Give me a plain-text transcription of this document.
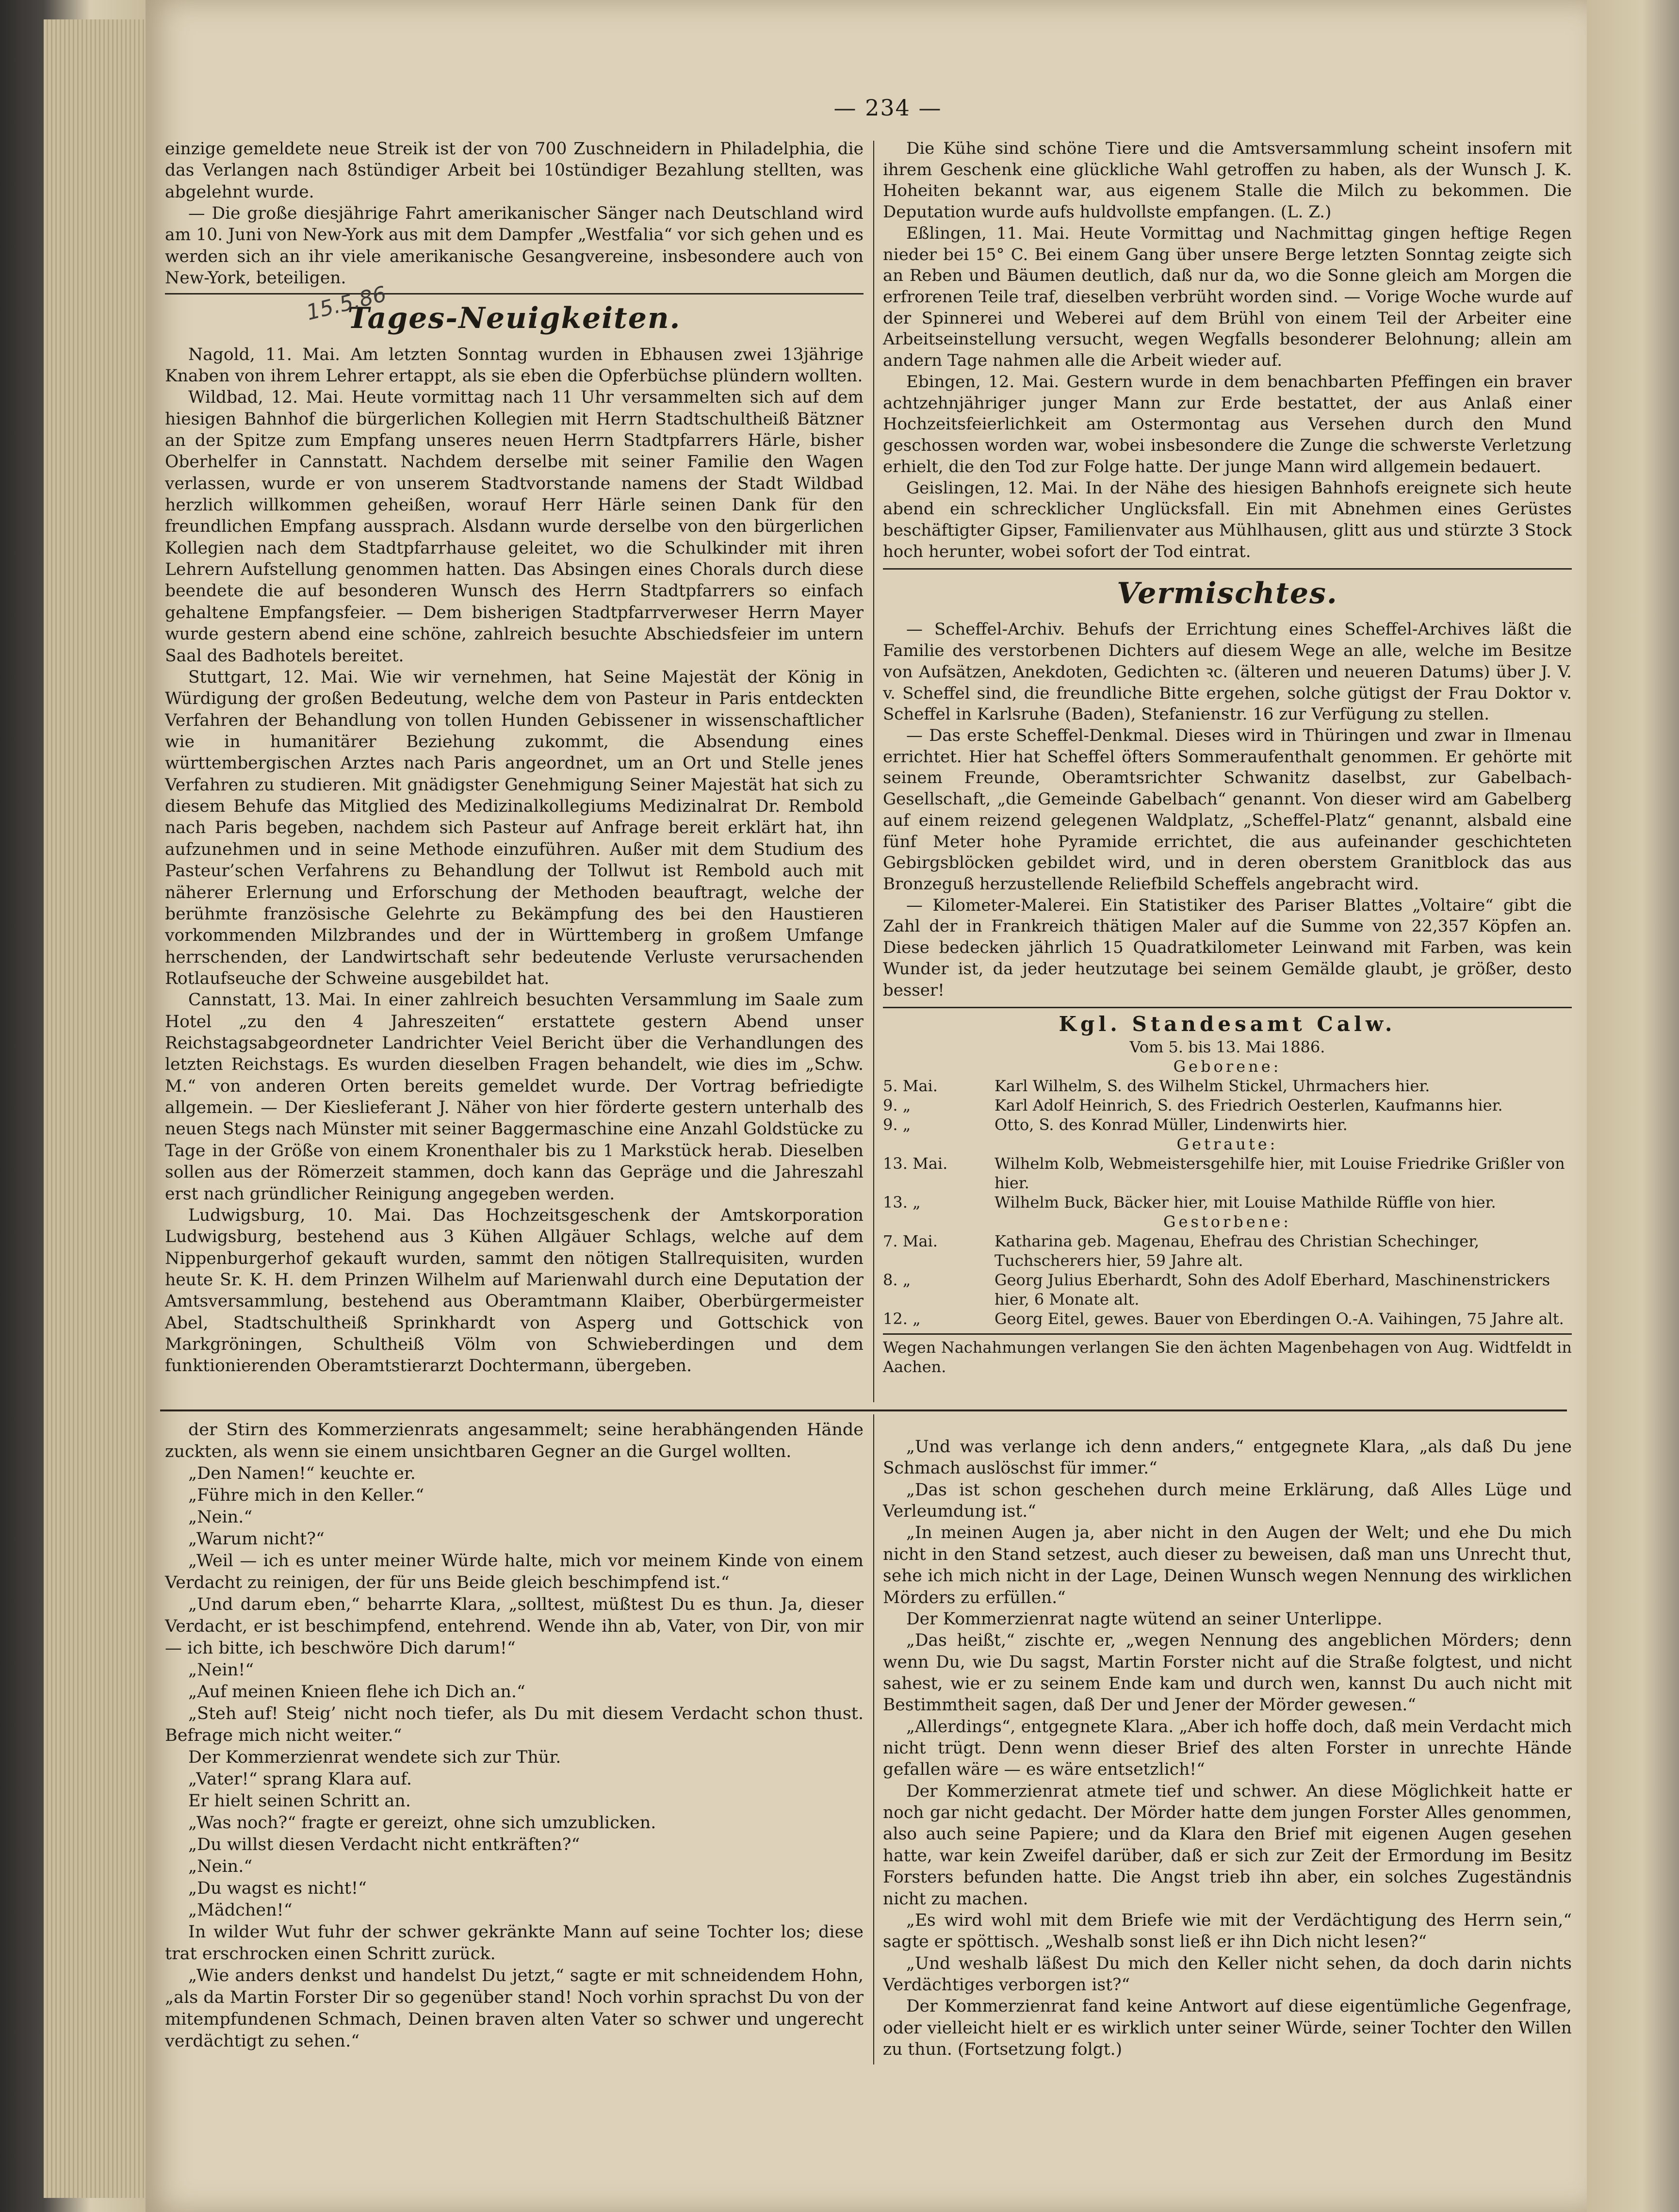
— 234 —

einzige gemeldete neue Streik ist der von 700 Zuschneidern in Philadelphia, die das Verlangen nach 8stündiger Arbeit bei 10stündiger Bezahlung stellten, was abgelehnt wurde.

— Die große diesjährige Fahrt amerikanischer Sänger nach Deutschland wird am 10. Juni von New-York aus mit dem Dampfer „Westfalia“ vor sich gehen und es werden sich an ihr viele amerikanische Gesangvereine, insbesondere auch von New-York, beteiligen.

Tages-Neuigkeiten.

Nagold, 11. Mai. Am letzten Sonntag wurden in Ebhausen zwei 13jährige Knaben von ihrem Lehrer ertappt, als sie eben die Opferbüchse plündern wollten.

Wildbad, 12. Mai. Heute vormittag nach 11 Uhr versammelten sich auf dem hiesigen Bahnhof die bürgerlichen Kollegien mit Herrn Stadtschultheiß Bätzner an der Spitze zum Empfang unseres neuen Herrn Stadtpfarrers Härle, bisher Oberhelfer in Cannstatt. Nachdem derselbe mit seiner Familie den Wagen verlassen, wurde er von unserem Stadtvorstande namens der Stadt Wildbad herzlich willkommen geheißen, worauf Herr Härle seinen Dank für den freundlichen Empfang aussprach. Alsdann wurde derselbe von den bürgerlichen Kollegien nach dem Stadtpfarrhause geleitet, wo die Schulkinder mit ihren Lehrern Aufstellung genommen hatten. Das Absingen eines Chorals durch diese beendete die auf besonderen Wunsch des Herrn Stadtpfarrers so einfach gehaltene Empfangsfeier. — Dem bisherigen Stadtpfarrverweser Herrn Mayer wurde gestern abend eine schöne, zahlreich besuchte Abschiedsfeier im untern Saal des Badhotels bereitet.

Stuttgart, 12. Mai. Wie wir vernehmen, hat Seine Majestät der König in Würdigung der großen Bedeutung, welche dem von Pasteur in Paris entdeckten Verfahren der Behandlung von tollen Hunden Gebissener in wissenschaftlicher wie in humanitärer Beziehung zukommt, die Absendung eines württembergischen Arztes nach Paris angeordnet, um an Ort und Stelle jenes Verfahren zu studieren. Mit gnädigster Genehmigung Seiner Majestät hat sich zu diesem Behufe das Mitglied des Medizinalkollegiums Medizinalrat Dr. Rembold nach Paris begeben, nachdem sich Pasteur auf Anfrage bereit erklärt hat, ihn aufzunehmen und in seine Methode einzuführen. Außer mit dem Studium des Pasteur’schen Verfahrens zu Behandlung der Tollwut ist Rembold auch mit näherer Erlernung und Erforschung der Methoden beauftragt, welche der berühmte französische Gelehrte zu Bekämpfung des bei den Haustieren vorkommenden Milzbrandes und der in Württemberg in großem Umfange herrschenden, der Landwirtschaft sehr bedeutende Verluste verursachenden Rotlaufseuche der Schweine ausgebildet hat.

Cannstatt, 13. Mai. In einer zahlreich besuchten Versammlung im Saale zum Hotel „zu den 4 Jahreszeiten“ erstattete gestern Abend unser Reichstagsabgeordneter Landrichter Veiel Bericht über die Verhandlungen des letzten Reichstags. Es wurden dieselben Fragen behandelt, wie dies im „Schw. M.“ von anderen Orten bereits gemeldet wurde. Der Vortrag befriedigte allgemein. — Der Kieslieferant J. Näher von hier förderte gestern unterhalb des neuen Stegs nach Münster mit seiner Baggermaschine eine Anzahl Goldstücke zu Tage in der Größe von einem Kronenthaler bis zu 1 Markstück herab. Dieselben sollen aus der Römerzeit stammen, doch kann das Gepräge und die Jahreszahl erst nach gründlicher Reinigung angegeben werden.

Ludwigsburg, 10. Mai. Das Hochzeitsgeschenk der Amtskorporation Ludwigsburg, bestehend aus 3 Kühen Allgäuer Schlags, welche auf dem Nippenburgerhof gekauft wurden, sammt den nötigen Stallrequisiten, wurden heute Sr. K. H. dem Prinzen Wilhelm auf Marienwahl durch eine Deputation der Amtsversammlung, bestehend aus Oberamtmann Klaiber, Oberbürgermeister Abel, Stadtschultheiß Sprinkhardt von Asperg und Gottschick von Markgröningen, Schultheiß Völm von Schwieberdingen und dem funktionierenden Oberamtstierarzt Dochtermann, übergeben.

Die Kühe sind schöne Tiere und die Amtsversammlung scheint insofern mit ihrem Geschenk eine glückliche Wahl getroffen zu haben, als der Wunsch J. K. Hoheiten bekannt war, aus eigenem Stalle die Milch zu bekommen. Die Deputation wurde aufs huldvollste empfangen. (L. Z.)

Eßlingen, 11. Mai. Heute Vormittag und Nachmittag gingen heftige Regen nieder bei 15° C. Bei einem Gang über unsere Berge letzten Sonntag zeigte sich an Reben und Bäumen deutlich, daß nur da, wo die Sonne gleich am Morgen die erfrorenen Teile traf, dieselben verbrüht worden sind. — Vorige Woche wurde auf der Spinnerei und Weberei auf dem Brühl von einem Teil der Arbeiter eine Arbeitseinstellung versucht, wegen Wegfalls besonderer Belohnung; allein am andern Tage nahmen alle die Arbeit wieder auf.

Ebingen, 12. Mai. Gestern wurde in dem benachbarten Pfeffingen ein braver achtzehnjähriger junger Mann zur Erde bestattet, der aus Anlaß einer Hochzeitsfeierlichkeit am Ostermontag aus Versehen durch den Mund geschossen worden war, wobei insbesondere die Zunge die schwerste Verletzung erhielt, die den Tod zur Folge hatte. Der junge Mann wird allgemein bedauert.

Geislingen, 12. Mai. In der Nähe des hiesigen Bahnhofs ereignete sich heute abend ein schrecklicher Unglücksfall. Ein mit Abnehmen eines Gerüstes beschäftigter Gipser, Familienvater aus Mühlhausen, glitt aus und stürzte 3 Stock hoch herunter, wobei sofort der Tod eintrat.

Vermischtes.

— Scheffel-Archiv. Behufs der Errichtung eines Scheffel-Archives läßt die Familie des verstorbenen Dichters auf diesem Wege an alle, welche im Besitze von Aufsätzen, Anekdoten, Gedichten ꝛc. (älteren und neueren Datums) über J. V. v. Scheffel sind, die freundliche Bitte ergehen, solche gütigst der Frau Doktor v. Scheffel in Karlsruhe (Baden), Stefanienstr. 16 zur Verfügung zu stellen.

— Das erste Scheffel-Denkmal. Dieses wird in Thüringen und zwar in Ilmenau errichtet. Hier hat Scheffel öfters Sommeraufenthalt genommen. Er gehörte mit seinem Freunde, Oberamtsrichter Schwanitz daselbst, zur Gabelbach-Gesellschaft, „die Gemeinde Gabelbach“ genannt. Von dieser wird am Gabelberg auf einem reizend gelegenen Waldplatz, „Scheffel-Platz“ genannt, alsbald eine fünf Meter hohe Pyramide errichtet, die aus aufeinander geschichteten Gebirgsblöcken gebildet wird, und in deren oberstem Granitblock das aus Bronzeguß herzustellende Reliefbild Scheffels angebracht wird.

— Kilometer-Malerei. Ein Statistiker des Pariser Blattes „Voltaire“ gibt die Zahl der in Frankreich thätigen Maler auf die Summe von 22,357 Köpfen an. Diese bedecken jährlich 15 Quadratkilometer Leinwand mit Farben, was kein Wunder ist, da jeder heutzutage bei seinem Gemälde glaubt, je größer, desto besser!

Kgl. Standesamt Calw.

Vom 5. bis 13. Mai 1886.

Geborene:

5. Mai.	Karl Wilhelm, S. des Wilhelm Stickel, Uhrmachers hier.
9. „	Karl Adolf Heinrich, S. des Friedrich Oesterlen, Kaufmanns hier.
9. „	Otto, S. des Konrad Müller, Lindenwirts hier.

Getraute:

13. Mai.	Wilhelm Kolb, Webmeistersgehilfe hier, mit Louise Friedrike Grißler von hier.
13. „	Wilhelm Buck, Bäcker hier, mit Louise Mathilde Rüffle von hier.

Gestorbene:

7. Mai.	Katharina geb. Magenau, Ehefrau des Christian Schechinger, Tuchscherers hier, 59 Jahre alt.
8. „	Georg Julius Eberhardt, Sohn des Adolf Eberhard, Maschinenstrickers hier, 6 Monate alt.
12. „	Georg Eitel, gewes. Bauer von Eberdingen O.-A. Vaihingen, 75 Jahre alt.

Wegen Nachahmungen verlangen Sie den ächten Magenbehagen von Aug. Widtfeldt in Aachen.

der Stirn des Kommerzienrats angesammelt; seine herabhängenden Hände zuckten, als wenn sie einem unsichtbaren Gegner an die Gurgel wollten.

„Den Namen!“ keuchte er.

„Führe mich in den Keller.“

„Nein.“

„Warum nicht?“

„Weil — ich es unter meiner Würde halte, mich vor meinem Kinde von einem Verdacht zu reinigen, der für uns Beide gleich beschimpfend ist.“

„Und darum eben,“ beharrte Klara, „solltest, müßtest Du es thun. Ja, dieser Verdacht, er ist beschimpfend, entehrend. Wende ihn ab, Vater, von Dir, von mir — ich bitte, ich beschwöre Dich darum!“

„Nein!“

„Auf meinen Knieen flehe ich Dich an.“

„Steh auf! Steig’ nicht noch tiefer, als Du mit diesem Verdacht schon thust. Befrage mich nicht weiter.“

Der Kommerzienrat wendete sich zur Thür.

„Vater!“ sprang Klara auf.

Er hielt seinen Schritt an.

„Was noch?“ fragte er gereizt, ohne sich umzublicken.

„Du willst diesen Verdacht nicht entkräften?“

„Nein.“

„Du wagst es nicht!“

„Mädchen!“

In wilder Wut fuhr der schwer gekränkte Mann auf seine Tochter los; diese trat erschrocken einen Schritt zurück.

„Wie anders denkst und handelst Du jetzt,“ sagte er mit schneidendem Hohn, „als da Martin Forster Dir so gegenüber stand! Noch vorhin sprachst Du von der mitempfundenen Schmach, Deinen braven alten Vater so schwer und ungerecht verdächtigt zu sehen.“

„Und was verlange ich denn anders,“ entgegnete Klara, „als daß Du jene Schmach auslöschst für immer.“

„Das ist schon geschehen durch meine Erklärung, daß Alles Lüge und Verleumdung ist.“

„In meinen Augen ja, aber nicht in den Augen der Welt; und ehe Du mich nicht in den Stand setzest, auch dieser zu beweisen, daß man uns Unrecht thut, sehe ich mich nicht in der Lage, Deinen Wunsch wegen Nennung des wirklichen Mörders zu erfüllen.“

Der Kommerzienrat nagte wütend an seiner Unterlippe.

„Das heißt,“ zischte er, „wegen Nennung des angeblichen Mörders; denn wenn Du, wie Du sagst, Martin Forster nicht auf die Straße folgtest, und nicht sahest, wie er zu seinem Ende kam und durch wen, kannst Du auch nicht mit Bestimmtheit sagen, daß Der und Jener der Mörder gewesen.“

„Allerdings“, entgegnete Klara. „Aber ich hoffe doch, daß mein Verdacht mich nicht trügt. Denn wenn dieser Brief des alten Forster in unrechte Hände gefallen wäre — es wäre entsetzlich!“

Der Kommerzienrat atmete tief und schwer. An diese Möglichkeit hatte er noch gar nicht gedacht. Der Mörder hatte dem jungen Forster Alles genommen, also auch seine Papiere; und da Klara den Brief mit eigenen Augen gesehen hatte, war kein Zweifel darüber, daß er sich zur Zeit der Ermordung im Besitz Forsters befunden hatte. Die Angst trieb ihn aber, ein solches Zugeständnis nicht zu machen.

„Es wird wohl mit dem Briefe wie mit der Verdächtigung des Herrn sein,“ sagte er spöttisch. „Weshalb sonst ließ er ihn Dich nicht lesen?“

„Und weshalb läßest Du mich den Keller nicht sehen, da doch darin nichts Verdächtiges verborgen ist?“

Der Kommerzienrat fand keine Antwort auf diese eigentümliche Gegenfrage, oder vielleicht hielt er es wirklich unter seiner Würde, seiner Tochter den Willen zu thun. (Fortsetzung folgt.)

15.5.86
